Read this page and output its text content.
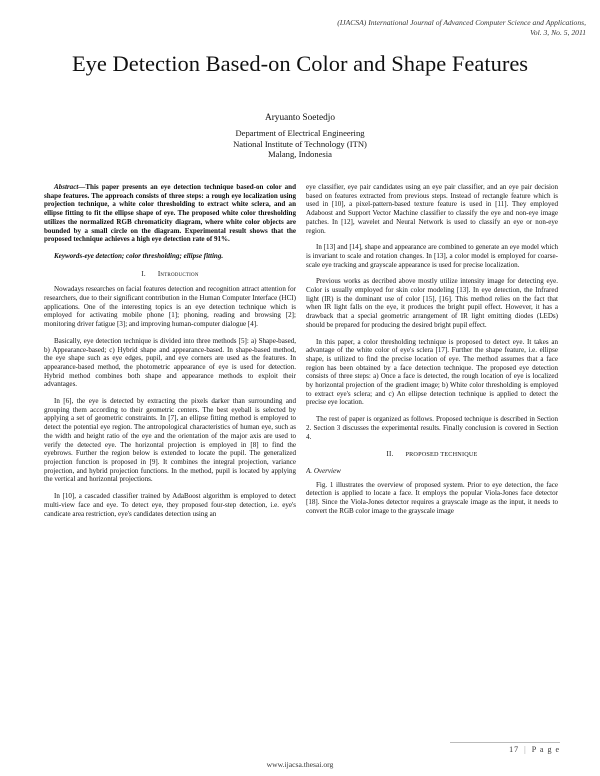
(IJACSA) International Journal of Advanced Computer Science and Applications,
Vol. 3, No. 5, 2011
Eye Detection Based-on Color and Shape Features
Aryuanto Soetedjo
Department of Electrical Engineering
National Institute of Technology (ITN)
Malang, Indonesia

Abstract—This paper presents an eye detection technique based-on color and shape features. The approach consists of three steps: a rough eye localization using projection technique, a white color thresholding to extract white sclera, and an ellipse fitting to fit the ellipse shape of eye. The proposed white color thresholding utilizes the normalized RGB chromaticity diagram, where white color objects are bounded by a small circle on the diagram. Experimental result shows that the proposed technique achieves a high eye detection rate of 91%.

Keywords-eye detection; color thresholding; ellipse fitting.

I. Introduction

Nowadays researches on facial features detection and recognition attract attention for researchers, due to their significant contribution in the Human Computer Interface (HCI) applications. One of the interesting topics is an eye detection technique which is employed for activating mobile phone [1]; phoning, reading and browsing [2]; monitoring driver fatigue [3]; and improving human-computer dialogue [4].

Basically, eye detection technique is divided into three methods [5]: a) Shape-based, b) Appearance-based; c) Hybrid shape and appearance-based. In shape-based method, the eye shape such as eye edges, pupil, and eye corners are used as the features. In appearance-based method, the photometric appearance of eye is used for detection. Hybrid method combines both shape and appearance methods to exploit their advantages.

In [6], the eye is detected by extracting the pixels darker than surrounding and grouping them according to their geometric centers. The best eyeball is selected by applying a set of geometric constraints. In [7], an ellipse fitting method is employed to detect the potential eye region. The antropological characteristics of human eye, such as the width and height ratio of the eye and the orientation of the major axis are used to verify the detected eye. The horizontal projection is employed in [8] to find the eyebrows. Further the region below is extended to locate the pupil. The generalized projection function is proposed in [9]. It combines the integral projection, variance projection, and hybrid projection functions. In the method, pupil is located by applying the vertical and horizontal projections.

In [10], a cascaded classifier trained by AdaBoost algorithm is employed to detect multi-view face and eye. To detect eye, they proposed four-step detection, i.e. eye's candicate area restriction, eye's candidates detection using an

eye classifier, eye pair candidates using an eye pair classifier, and an eye pair decision based on features extracted from previous steps. Instead of rectangle feature which is used in [10], a pixel-pattern-based texture feature is used in [11]. They employed Adaboost and Support Vector Machine classifier to classify the eye and non-eye image patches. In [12], wavelet and Neural Network is used to classify an eye or non-eye region.

In [13] and [14], shape and appearance are combined to generate an eye model which is invariant to scale and rotation changes. In [13], a color model is employed for coarse-scale eye tracking and grayscale appearance is used for precise localization.

Previous works as decribed above mostly utilize intensity image for detecting eye. Color is usually employed for skin color modeling [13]. In eye detection, the Infrared light (IR) is the dominant use of color [15], [16]. This method relies on the fact that when IR light falls on the eye, it produces the bright pupil effect. However, it has a drawback that a special geometric arrangement of IR light emitting diodes (LEDs) should be prepared for producing the desired bright pupil effect.

In this paper, a color thresholding technique is proposed to detect eye. It takes an advantage of the white color of eye's sclera [17]. Further the shape feature, i.e. ellipse shape, is utilized to find the precise location of eye. The method assumes that a face region has been obtained by a face detection technique. The proposed eye detection consists of three steps: a) Once a face is detected, the rough location of eye is localized by horizontal projection of the gradient image; b) White color thresholding is employed to extract eye's sclera; and c) An ellipse detection technique is applied to detect the precise eye location.

The rest of paper is organized as follows. Proposed technique is described in Section 2. Section 3 discusses the experimental results. Finally conclusion is covered in Section 4.

II. PROPOSED TECHNIQUE
A. Overview

Fig. 1 illustrates the overview of proposed system. Prior to eye detection, the face detection is applied to locate a face. It employs the popular Viola-Jones face detector [18]. Since the Viola-Jones detector requires a grayscale image as the input, it needs to convert the RGB color image to the grayscale image

17 | P a g e
www.ijacsa.thesai.org
